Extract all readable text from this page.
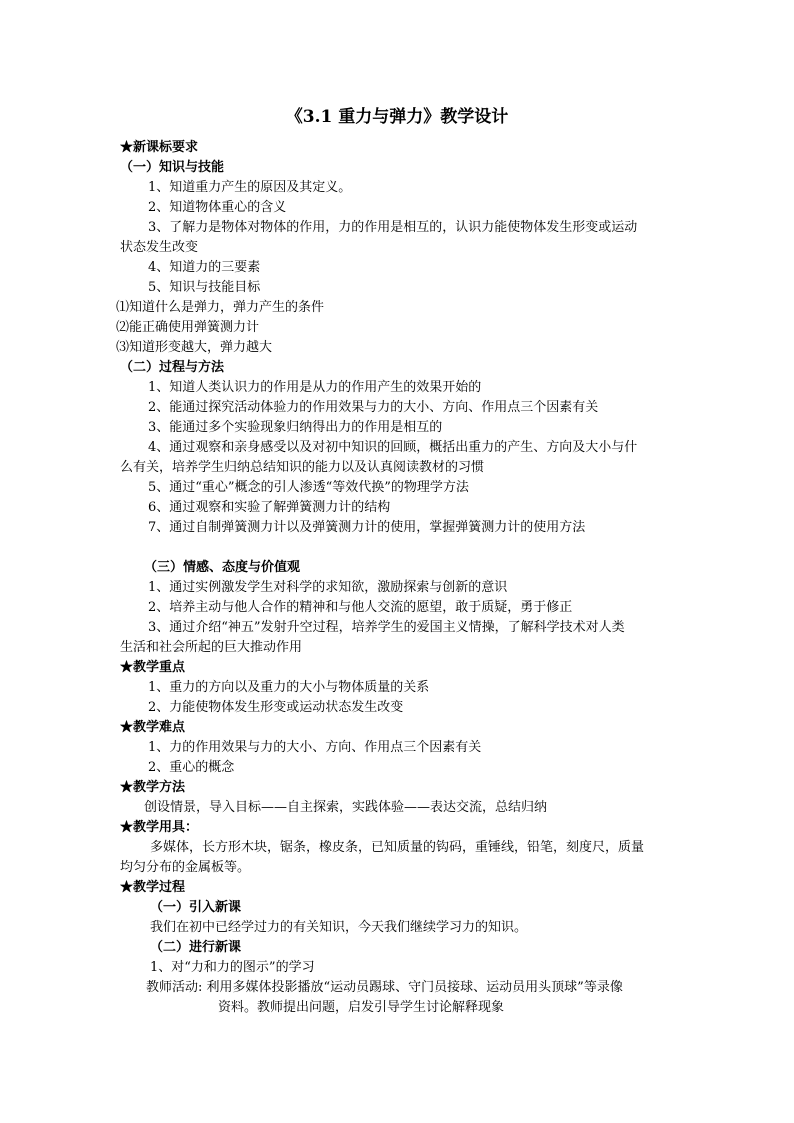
《3.1 重力与弹力》教学设计

★新课标要求

（一）知识与技能

1、知道重力产生的原因及其定义。

2、知道物体重心的含义

3、了解力是物体对物体的作用，力的作用是相互的，认识力能使物体发生形变或运动

状态发生改变

4、知道力的三要素

5、知识与技能目标

⑴知道什么是弹力，弹力产生的条件

⑵能正确使用弹簧测力计

⑶知道形变越大，弹力越大

（二）过程与方法

1、知道人类认识力的作用是从力的作用产生的效果开始的

2、能通过探究活动体验力的作用效果与力的大小、方向、作用点三个因素有关

3、能通过多个实验现象归纳得出力的作用是相互的

4、通过观察和亲身感受以及对初中知识的回顾，概括出重力的产生、方向及大小与什

么有关，培养学生归纳总结知识的能力以及认真阅读教材的习惯

5、通过“重心”概念的引人渗透“等效代换”的物理学方法

6、通过观察和实验了解弹簧测力计的结构

7、通过自制弹簧测力计以及弹簧测力计的使用，掌握弹簧测力计的使用方法

（三）情感、态度与价值观

1、通过实例激发学生对科学的求知欲，激励探索与创新的意识

2、培养主动与他人合作的精神和与他人交流的愿望，敢于质疑，勇于修正

3、通过介绍“神五”发射升空过程，培养学生的爱国主义情操，了解科学技术对人类

生活和社会所起的巨大推动作用

★教学重点

1、重力的方向以及重力的大小与物体质量的关系

2、力能使物体发生形变或运动状态发生改变

★教学难点

1、力的作用效果与力的大小、方向、作用点三个因素有关

2、重心的概念

★教学方法

创设情景，导入目标——自主探索，实践体验——表达交流，总结归纳

★教学用具：

多媒体，长方形木块，锯条，橡皮条，已知质量的钩码，重锤线，铅笔，刻度尺，质量

均匀分布的金属板等。

★教学过程

（一）引入新课

我们在初中已经学过力的有关知识，今天我们继续学习力的知识。

（二）进行新课

1、对“力和力的图示”的学习

教师活动: 利用多媒体投影播放“运动员踢球、守门员接球、运动员用头顶球”等录像

资料。教师提出问题，启发引导学生讨论解释现象
